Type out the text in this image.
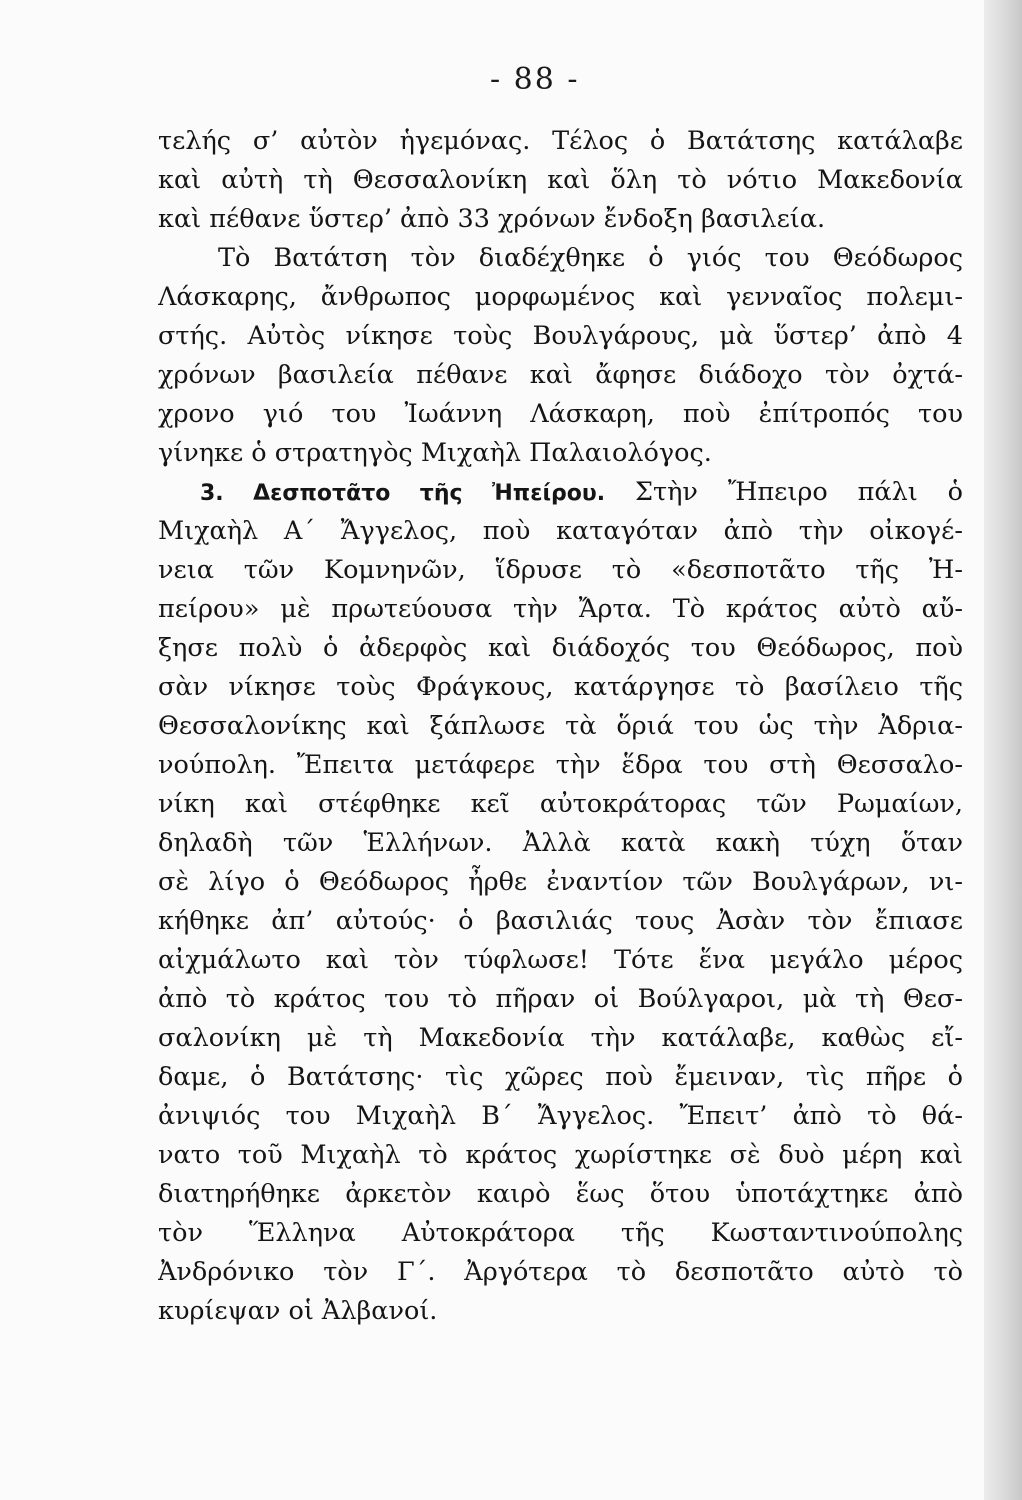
- 88 -
τελής σ’ αὐτὸν ἡγεμόνας. Τέλος ὁ Βατάτσης κατάλαβε
καὶ αὐτὴ τὴ Θεσσαλονίκη καὶ ὅλη τὸ νότιο Μακεδονία
καὶ πέθανε ὕστερ’ ἀπὸ 33 χρόνων ἔνδοξη βασιλεία.
Τὸ Βατάτση τὸν διαδέχθηκε ὁ γιός του Θεόδωρος
Λάσκαρης, ἄνθρωπος μορφωμένος καὶ γενναῖος πολεμι-
στής. Αὐτὸς νίκησε τοὺς Βουλγάρους, μὰ ὕστερ’ ἀπὸ 4
χρόνων βασιλεία πέθανε καὶ ἄφησε διάδοχο τὸν ὀχτά-
χρονο γιό του Ἰωάννη Λάσκαρη, ποὺ ἐπίτροπός του
γίνηκε ὁ στρατηγὸς Μιχαὴλ Παλαιολόγος.
3. Δεσποτᾶτο τῆς Ἠπείρου. Στὴν Ἤπειρο πάλι ὁ
Μιχαὴλ Α΄ Ἄγγελος, ποὺ καταγόταν ἀπὸ τὴν οἰκογέ-
νεια τῶν Κομνηνῶν, ἵδρυσε τὸ «δεσποτᾶτο τῆς Ἠ-
πείρου» μὲ πρωτεύουσα τὴν Ἄρτα. Τὸ κράτος αὐτὸ αὔ-
ξησε πολὺ ὁ ἀδερφὸς καὶ διάδοχός του Θεόδωρος, ποὺ
σὰν νίκησε τοὺς Φράγκους, κατάργησε τὸ βασίλειο τῆς
Θεσσαλονίκης καὶ ξάπλωσε τὰ ὅριά του ὡς τὴν Ἀδρια-
νούπολη. Ἔπειτα μετάφερε τὴν ἕδρα του στὴ Θεσσαλο-
νίκη καὶ στέφθηκε κεῖ αὐτοκράτορας τῶν Ρωμαίων,
δηλαδὴ τῶν Ἑλλήνων. Ἀλλὰ κατὰ κακὴ τύχη ὅταν
σὲ λίγο ὁ Θεόδωρος ἦρθε ἐναντίον τῶν Βουλγάρων, νι-
κήθηκε ἀπ’ αὐτούς· ὁ βασιλιάς τους Ἀσὰν τὸν ἔπιασε
αἰχμάλωτο καὶ τὸν τύφλωσε! Τότε ἕνα μεγάλο μέρος
ἀπὸ τὸ κράτος του τὸ πῆραν οἱ Βούλγαροι, μὰ τὴ Θεσ-
σαλονίκη μὲ τὴ Μακεδονία τὴν κατάλαβε, καθὼς εἴ-
δαμε, ὁ Βατάτσης· τὶς χῶρες ποὺ ἔμειναν, τὶς πῆρε ὁ
ἀνιψιός του Μιχαὴλ Β΄ Ἄγγελος. Ἔπειτ’ ἀπὸ τὸ θά-
νατο τοῦ Μιχαὴλ τὸ κράτος χωρίστηκε σὲ δυὸ μέρη καὶ
διατηρήθηκε ἀρκετὸν καιρὸ ἕως ὅτου ὑποτάχτηκε ἀπὸ
τὸν Ἕλληνα Αὐτοκράτορα τῆς Κωσταντινούπολης
Ἀνδρόνικο τὸν Γ΄. Ἀργότερα τὸ δεσποτᾶτο αὐτὸ τὸ
κυρίεψαν οἱ Ἀλβανοί.
